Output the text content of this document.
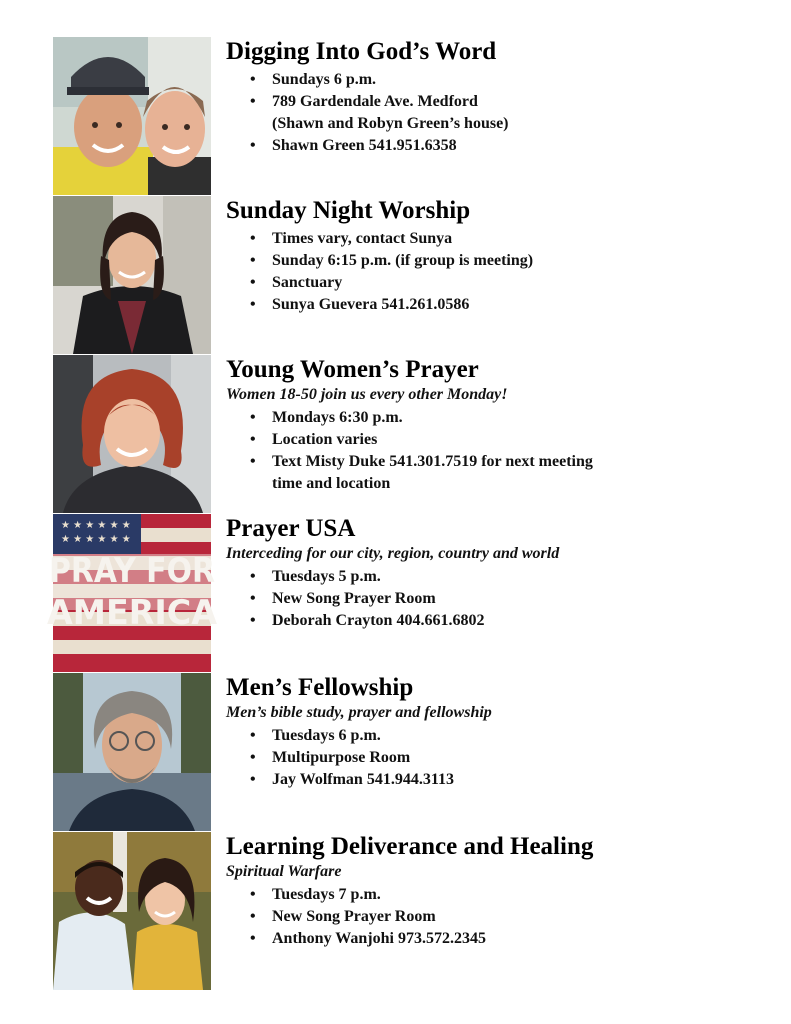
Digging Into God’s Word
• Sundays 6 p.m.
• 789 Gardendale Ave. Medford
(Shawn and Robyn Green’s house)
• Shawn Green 541.951.6358
Sunday Night Worship
• Times vary, contact Sunya
• Sunday 6:15 p.m. (if group is meeting)
• Sanctuary
• Sunya Guevera 541.261.0586
Young Women’s Prayer
Women 18-50 join us every other Monday!
• Mondays 6:30 p.m.
• Location varies
• Text Misty Duke 541.301.7519 for next meeting
time and location
★ ★ ★ ★ ★ ★
★ ★ ★ ★ ★ ★
PRAY FOR
AMERICA
Prayer USA
Interceding for our city, region, country and world
• Tuesdays 5 p.m.
• New Song Prayer Room
• Deborah Crayton 404.661.6802
Men’s Fellowship
Men’s bible study, prayer and fellowship
• Tuesdays 6 p.m.
• Multipurpose Room
• Jay Wolfman 541.944.3113
Learning Deliverance and Healing
Spiritual Warfare
• Tuesdays 7 p.m.
• New Song Prayer Room
• Anthony Wanjohi 973.572.2345
